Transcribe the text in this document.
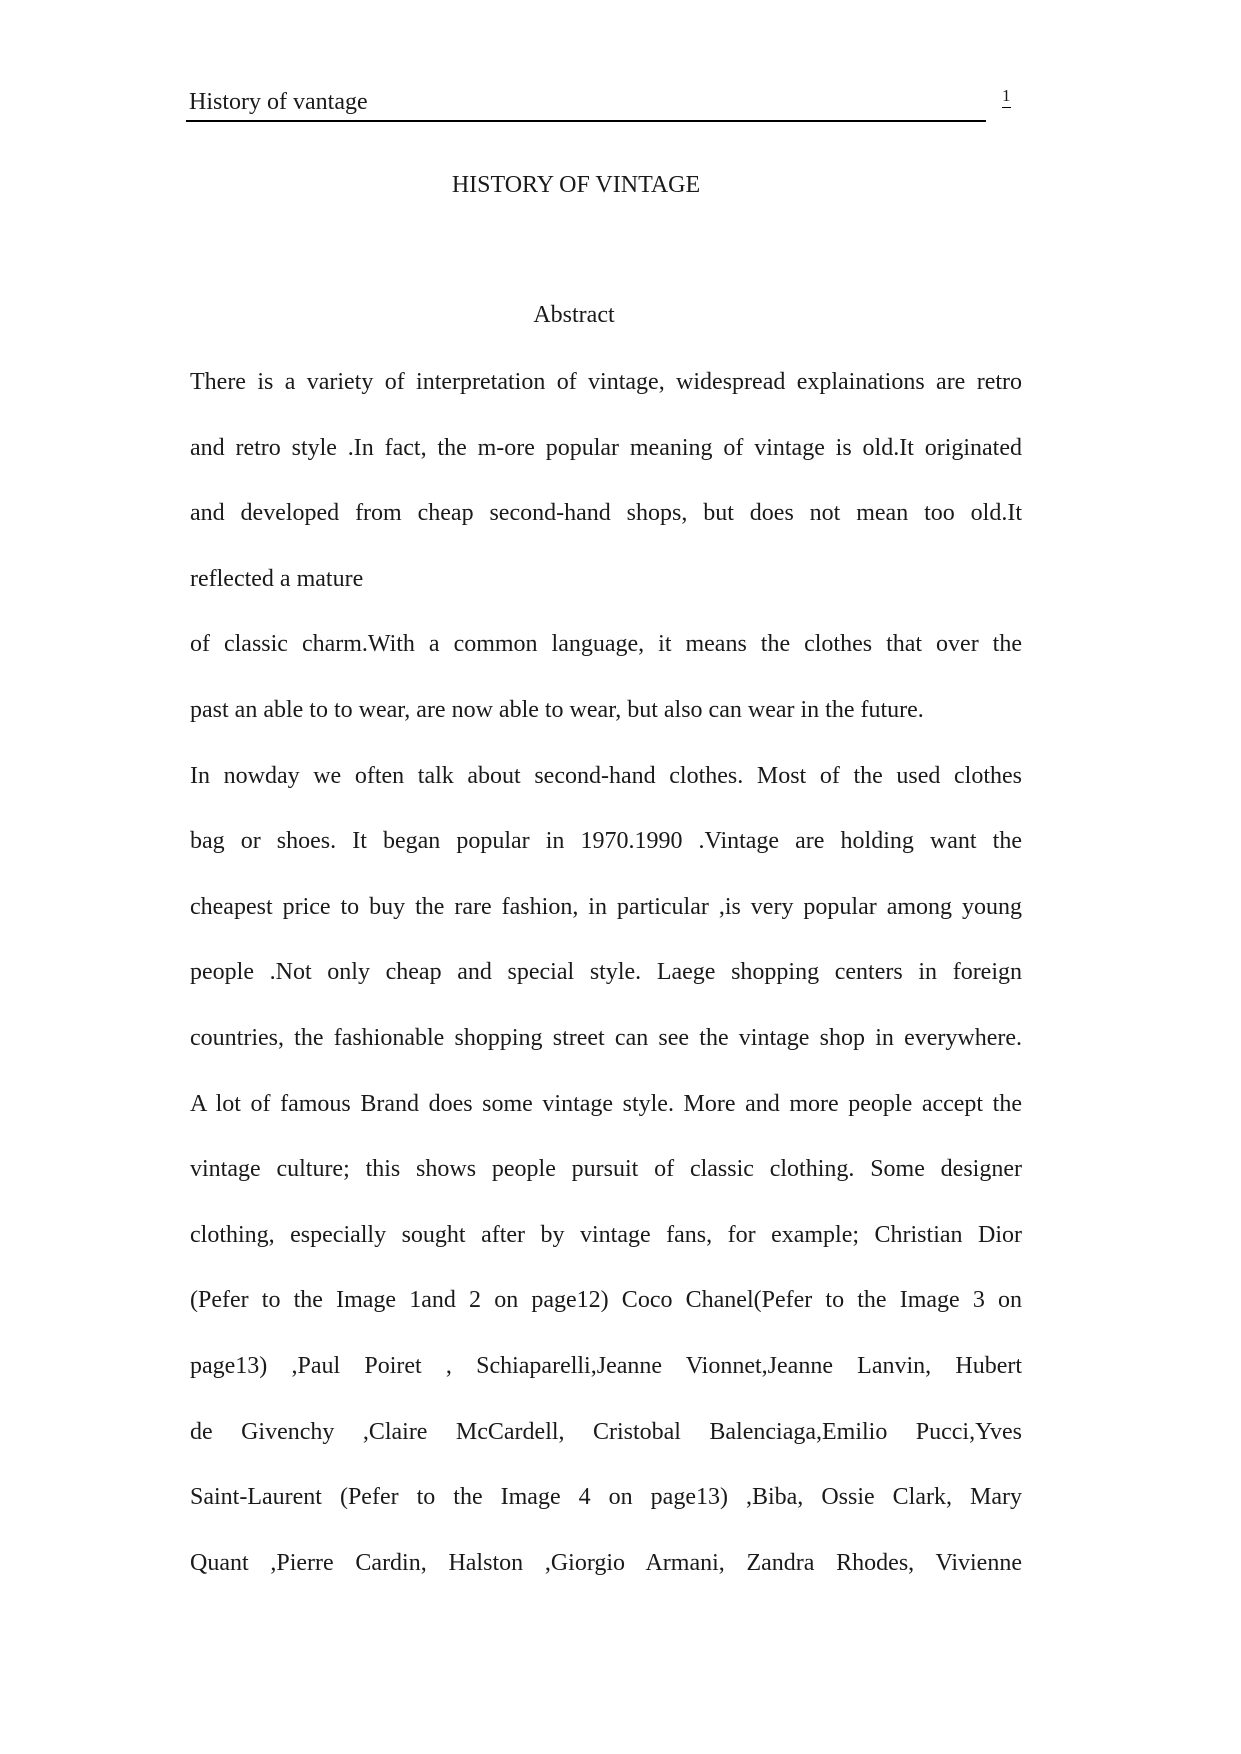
History of vantage	1
HISTORY OF VINTAGE
Abstract
There is a variety of interpretation of vintage, widespread explainations are retro
and retro style .In fact, the m-ore popular meaning of vintage is old.It originated
and developed from cheap second-hand shops, but does not mean too old.It
reflected a mature
of classic charm.With a common language, it means the clothes that over the
past an able to to wear, are now able to wear, but also can wear in the future.
In nowday we often talk about second-hand clothes. Most of the used clothes
bag or shoes. It began popular in 1970.1990 .Vintage are holding want the
cheapest price to buy the rare fashion, in particular ,is very popular among young
people .Not only cheap and special style. Laege shopping centers in foreign
countries, the fashionable shopping street can see the vintage shop in everywhere.
A lot of famous Brand does some vintage style. More and more people accept the
vintage culture; this shows people pursuit of classic clothing. Some designer
clothing, especially sought after by vintage fans, for example; Christian Dior
(Pefer to the Image 1and 2 on page12) Coco Chanel(Pefer to the Image 3 on
page13) ,Paul Poiret , Schiaparelli,Jeanne Vionnet,Jeanne Lanvin, Hubert
de Givenchy ,Claire McCardell, Cristobal Balenciaga,Emilio Pucci,Yves
Saint-Laurent (Pefer to the Image 4 on page13) ,Biba, Ossie Clark, Mary
Quant ,Pierre Cardin, Halston ,Giorgio Armani, Zandra Rhodes, Vivienne
